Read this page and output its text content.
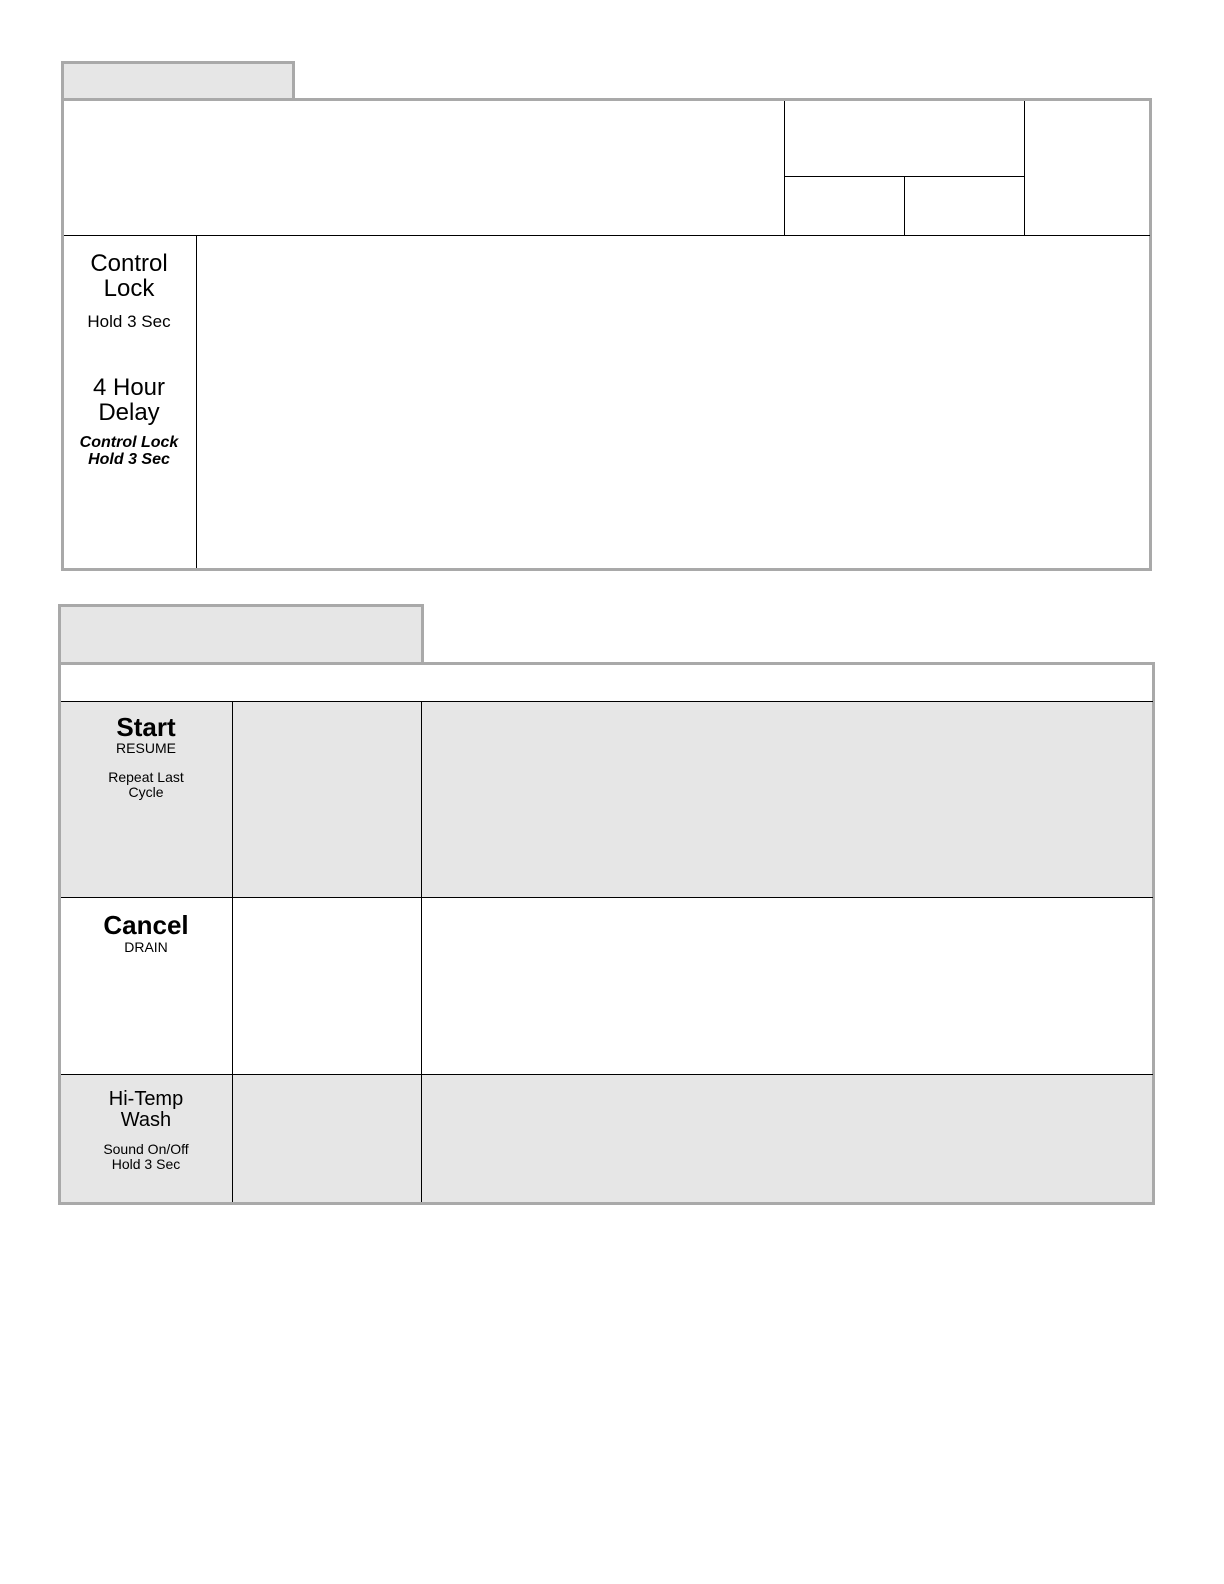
Control
Lock
Hold 3 Sec
4 Hour
Delay
Control Lock
Hold 3 Sec
Start
RESUME
Repeat Last
Cycle
Cancel
DRAIN
Hi-Temp
Wash
Sound On/Off
Hold 3 Sec
